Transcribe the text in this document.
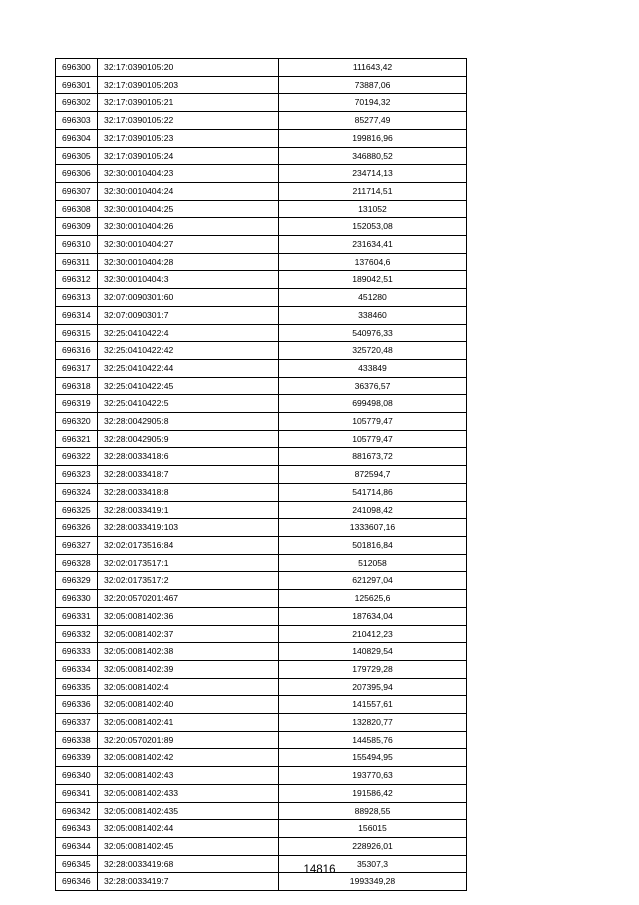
696300	32:17:0390105:20	111643,42
696301	32:17:0390105:203	73887,06
696302	32:17:0390105:21	70194,32
696303	32:17:0390105:22	85277,49
696304	32:17:0390105:23	199816,96
696305	32:17:0390105:24	346880,52
696306	32:30:0010404:23	234714,13
696307	32:30:0010404:24	211714,51
696308	32:30:0010404:25	131052
696309	32:30:0010404:26	152053,08
696310	32:30:0010404:27	231634,41
696311	32:30:0010404:28	137604,6
696312	32:30:0010404:3	189042,51
696313	32:07:0090301:60	451280
696314	32:07:0090301:7	338460
696315	32:25:0410422:4	540976,33
696316	32:25:0410422:42	325720,48
696317	32:25:0410422:44	433849
696318	32:25:0410422:45	36376,57
696319	32:25:0410422:5	699498,08
696320	32:28:0042905:8	105779,47
696321	32:28:0042905:9	105779,47
696322	32:28:0033418:6	881673,72
696323	32:28:0033418:7	872594,7
696324	32:28:0033418:8	541714,86
696325	32:28:0033419:1	241098,42
696326	32:28:0033419:103	1333607,16
696327	32:02:0173516:84	501816,84
696328	32:02:0173517:1	512058
696329	32:02:0173517:2	621297,04
696330	32:20:0570201:467	125625,6
696331	32:05:0081402:36	187634,04
696332	32:05:0081402:37	210412,23
696333	32:05:0081402:38	140829,54
696334	32:05:0081402:39	179729,28
696335	32:05:0081402:4	207395,94
696336	32:05:0081402:40	141557,61
696337	32:05:0081402:41	132820,77
696338	32:20:0570201:89	144585,76
696339	32:05:0081402:42	155494,95
696340	32:05:0081402:43	193770,63
696341	32:05:0081402:433	191586,42
696342	32:05:0081402:435	88928,55
696343	32:05:0081402:44	156015
696344	32:05:0081402:45	228926,01
696345	32:28:0033419:68	35307,3
696346	32:28:0033419:7	1993349,28
14816
